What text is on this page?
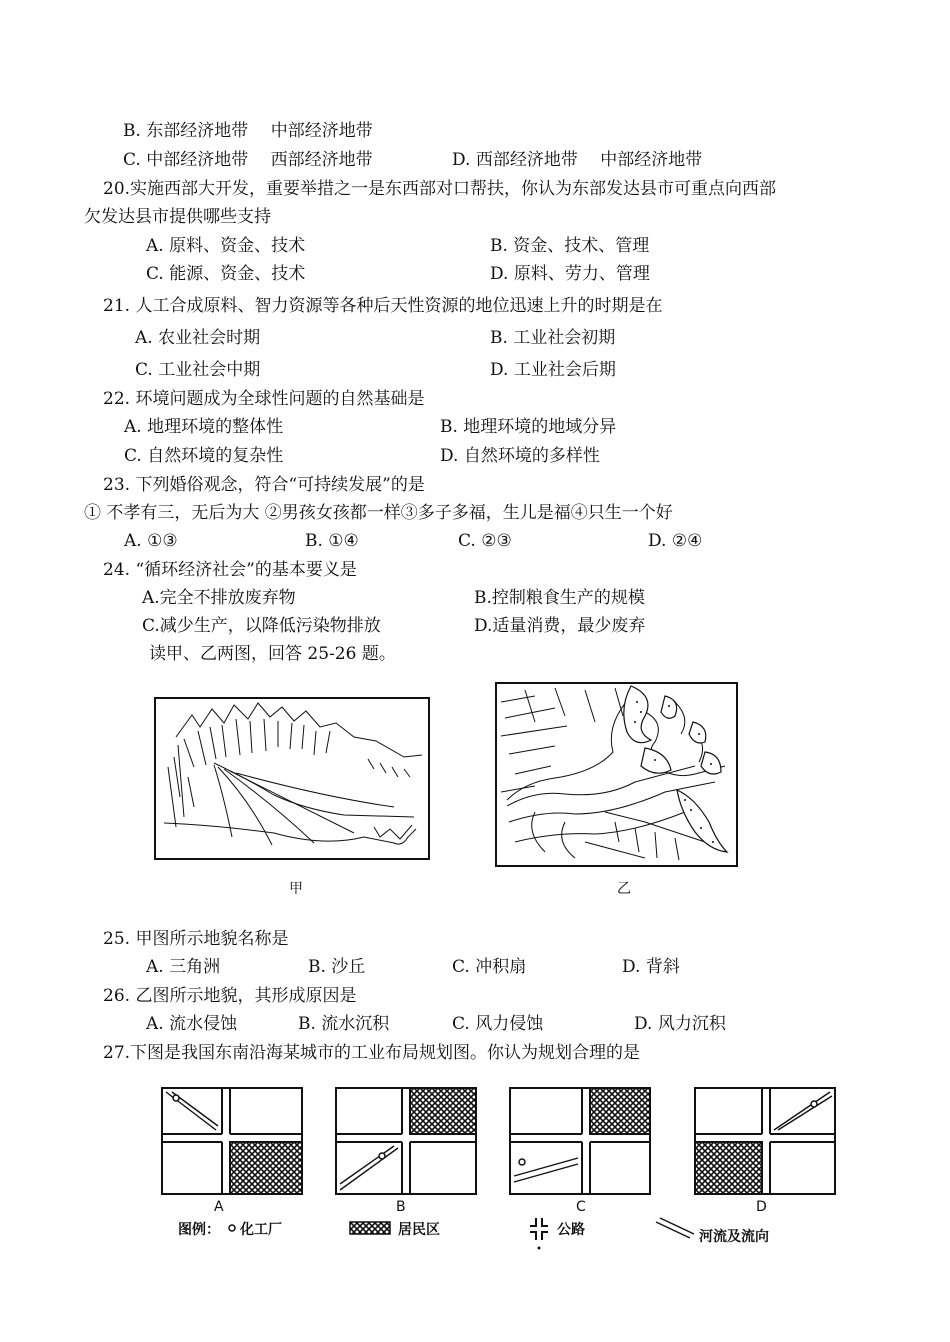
B. 东部经济地带　 中部经济地带
C. 中部经济地带　 西部经济地带	D. 西部经济地带　 中部经济地带
20.实施西部大开发，重要举措之一是东西部对口帮扶，你认为东部发达县市可重点向西部
欠发达县市提供哪些支持
A. 原料、资金、技术	B. 资金、技术、管理
C. 能源、资金、技术	D. 原料、劳力、管理
21. 人工合成原料、智力资源等各种后天性资源的地位迅速上升的时期是在
A. 农业社会时期	B. 工业社会初期
C. 工业社会中期	D. 工业社会后期
22. 环境问题成为全球性问题的自然基础是
A. 地理环境的整体性	B. 地理环境的地域分异
C. 自然环境的复杂性	D. 自然环境的多样性
23. 下列婚俗观念，符合“可持续发展”的是
① 不孝有三，无后为大 ②男孩女孩都一样③多子多福，生儿是福④只生一个好
A. ①③	B. ①④	C. ②③	D. ②④
24. “循环经济社会”的基本要义是
A.完全不排放废弃物	B.控制粮食生产的规模
C.减少生产，以降低污染物排放	D.适量消费，最少废弃
读甲、乙两图，回答 25-26 题。
甲	乙
25. 甲图所示地貌名称是
A. 三角洲	B. 沙丘	C. 冲积扇	D. 背斜
26. 乙图所示地貌，其形成原因是
A. 流水侵蚀	B. 流水沉积	C. 风力侵蚀	D. 风力沉积
27.下图是我国东南沿海某城市的工业布局规划图。你认为规划合理的是
A	B	C	D
图例： 化工厂	居民区	公路	河流及流向
